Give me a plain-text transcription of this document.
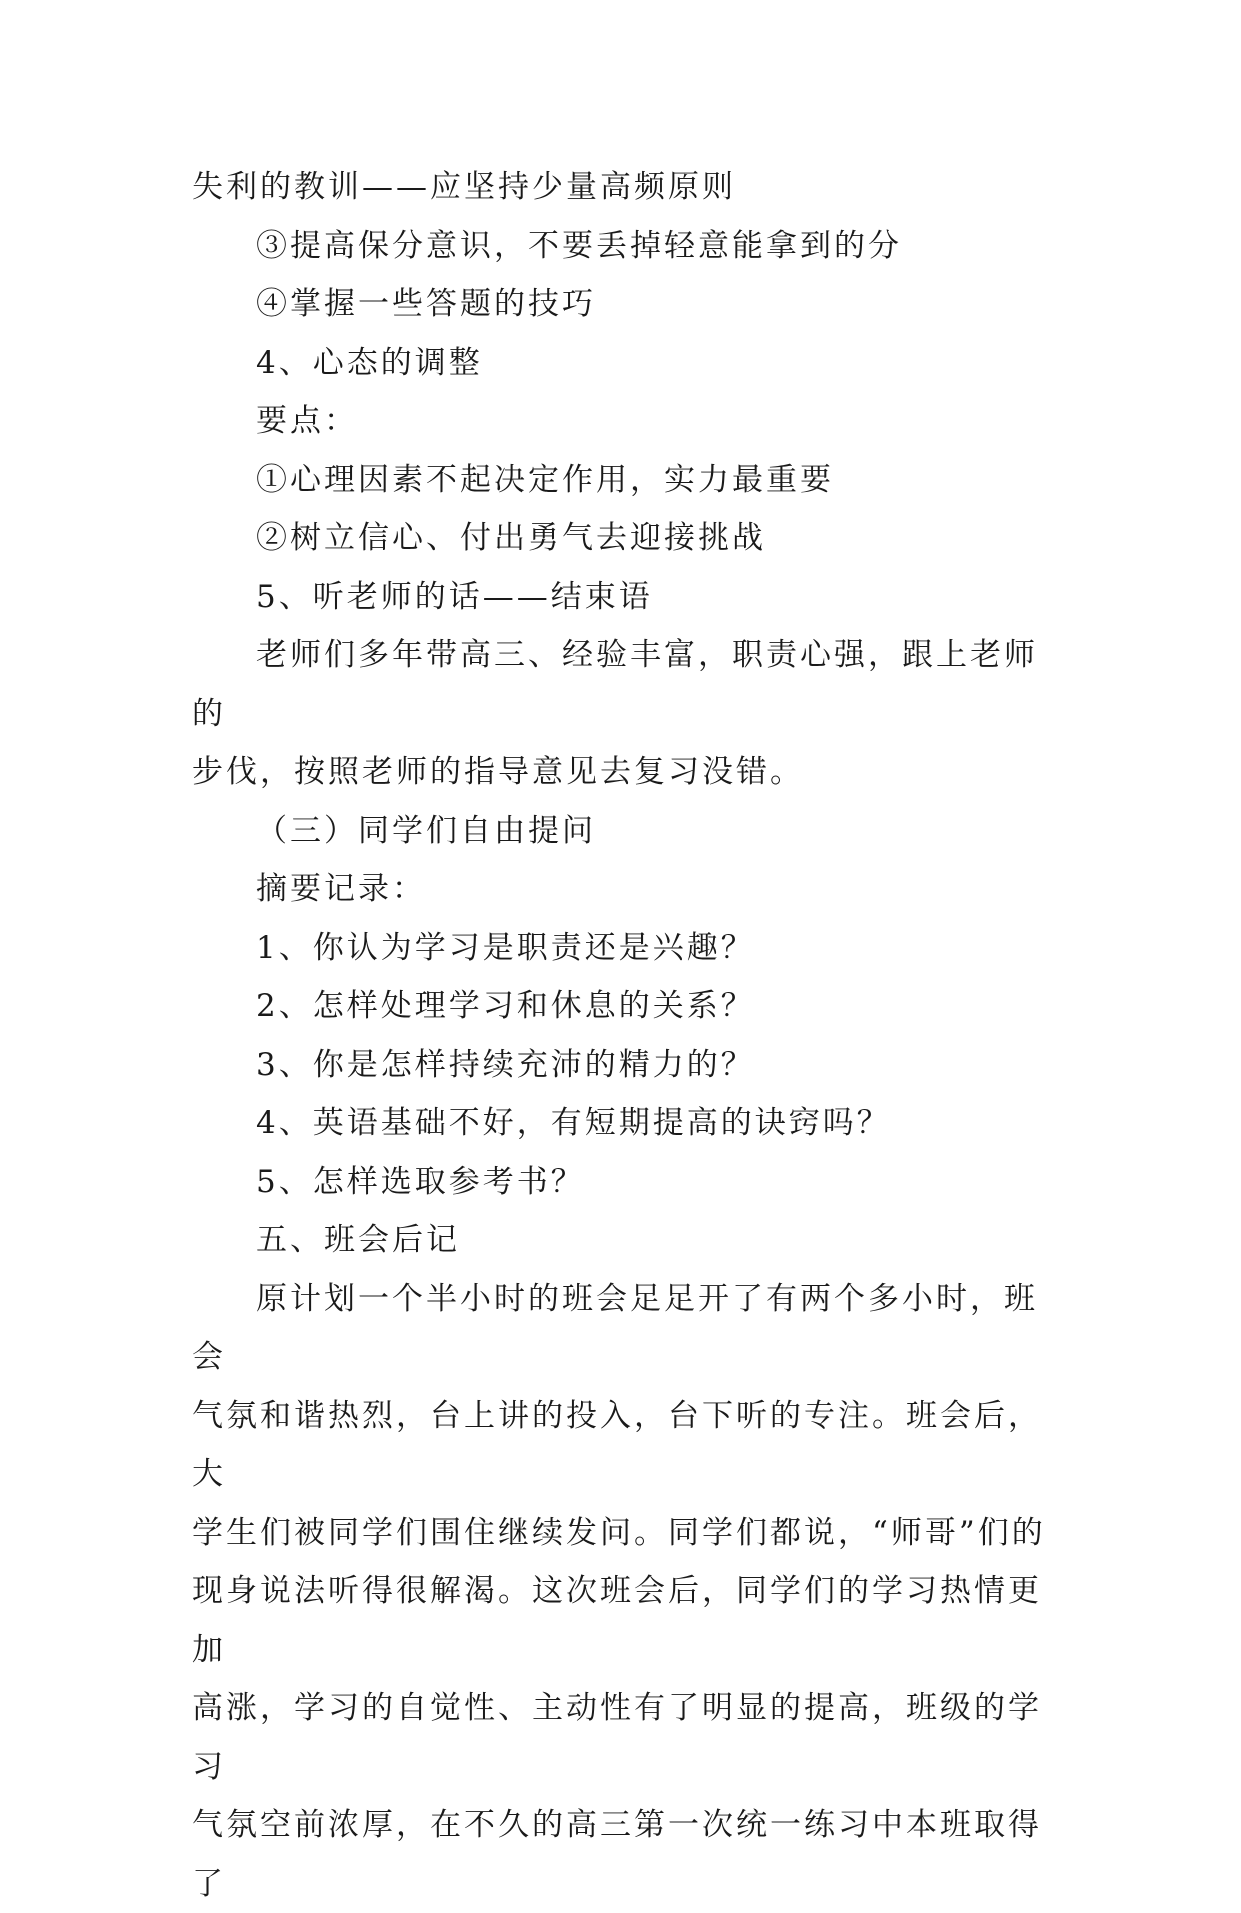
失利的教训——应坚持少量高频原则

③提高保分意识，不要丢掉轻意能拿到的分

④掌握一些答题的技巧

4、心态的调整

要点：

①心理因素不起决定作用，实力最重要

②树立信心、付出勇气去迎接挑战

5、听老师的话——结束语

老师们多年带高三、经验丰富，职责心强，跟上老师的

步伐，按照老师的指导意见去复习没错。

（三）同学们自由提问

摘要记录：

1、你认为学习是职责还是兴趣？

2、怎样处理学习和休息的关系？

3、你是怎样持续充沛的精力的？

4、英语基础不好，有短期提高的诀窍吗？

5、怎样选取参考书？

五、班会后记

原计划一个半小时的班会足足开了有两个多小时，班会

气氛和谐热烈，台上讲的投入，台下听的专注。班会后，大

学生们被同学们围住继续发问。同学们都说，“师哥”们的

现身说法听得很解渴。这次班会后，同学们的学习热情更加

高涨，学习的自觉性、主动性有了明显的提高，班级的学习

气氛空前浓厚，在不久的高三第一次统一练习中本班取得了
